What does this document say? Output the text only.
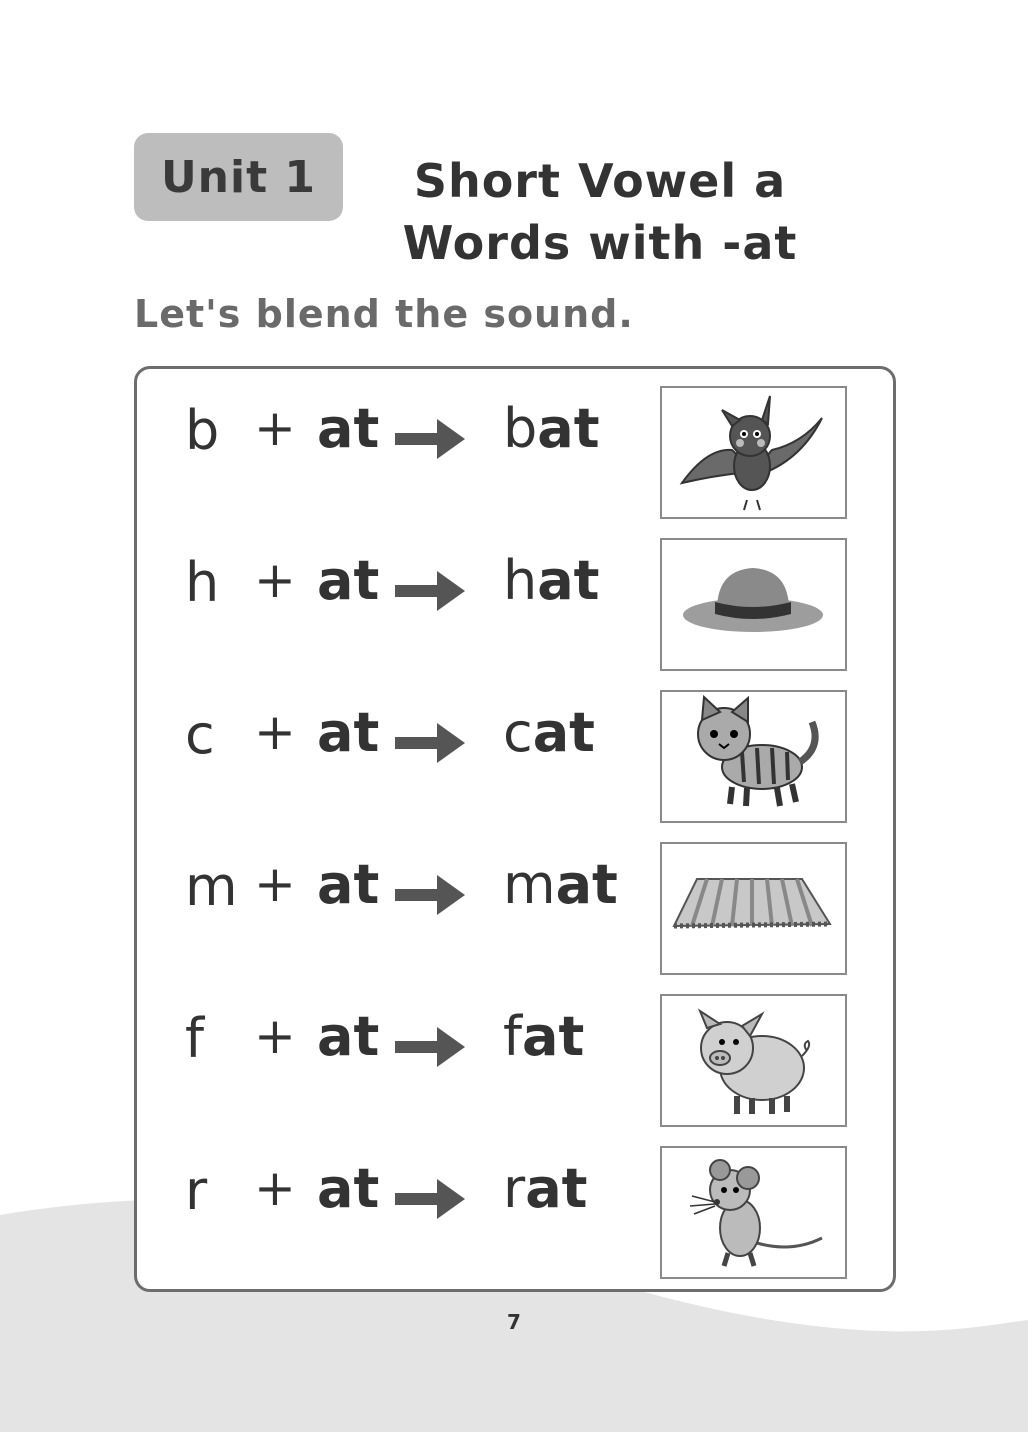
Unit 1	Short Vowel a
Words with -at
Let's blend the sound.
b + at bat
h + at hat
c + at cat
m + at mat
f + at fat
r + at rat
7
